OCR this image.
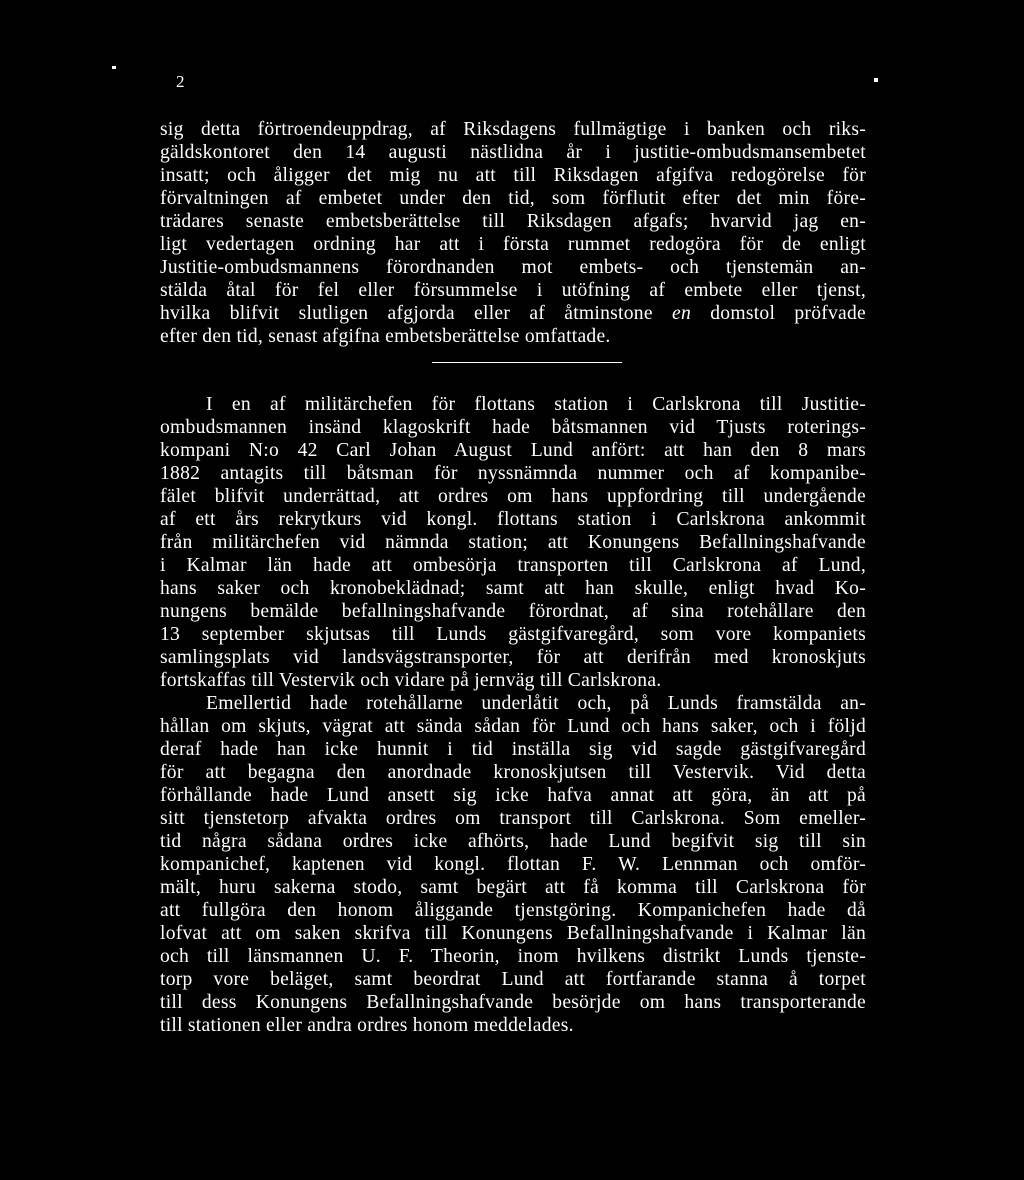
2
sig detta förtroendeuppdrag, af Riksdagens fullmägtige i banken och riks-
gäldskontoret den 14 augusti nästlidna år i justitie-ombudsmansembetet
insatt; och åligger det mig nu att till Riksdagen afgifva redogörelse för
förvaltningen af embetet under den tid, som förflutit efter det min före-
trädares senaste embetsberättelse till Riksdagen afgafs; hvarvid jag en-
ligt vedertagen ordning har att i första rummet redogöra för de enligt
Justitie-ombudsmannens förordnanden mot embets- och tjenstemän an-
stälda åtal för fel eller försummelse i utöfning af embete eller tjenst,
hvilka blifvit slutligen afgjorda eller af åtminstone en domstol pröfvade
efter den tid, senast afgifna embetsberättelse omfattade.
I en af militärchefen för flottans station i Carlskrona till Justitie-
ombudsmannen insänd klagoskrift hade båtsmannen vid Tjusts roterings-
kompani N:o 42 Carl Johan August Lund anfört: att han den 8 mars
1882 antagits till båtsman för nyssnämnda nummer och af kompanibe-
fälet blifvit underrättad, att ordres om hans uppfordring till undergående
af ett års rekrytkurs vid kongl. flottans station i Carlskrona ankommit
från militärchefen vid nämnda station; att Konungens Befallningshafvande
i Kalmar län hade att ombesörja transporten till Carlskrona af Lund,
hans saker och kronobeklädnad; samt att han skulle, enligt hvad Ko-
nungens bemälde befallningshafvande förordnat, af sina rotehållare den
13 september skjutsas till Lunds gästgifvaregård, som vore kompaniets
samlingsplats vid landsvägstransporter, för att derifrån med kronoskjuts
fortskaffas till Vestervik och vidare på jernväg till Carlskrona.
Emellertid hade rotehållarne underlåtit och, på Lunds framstälda an-
hållan om skjuts, vägrat att sända sådan för Lund och hans saker, och i följd
deraf hade han icke hunnit i tid inställa sig vid sagde gästgifvaregård
för att begagna den anordnade kronoskjutsen till Vestervik. Vid detta
förhållande hade Lund ansett sig icke hafva annat att göra, än att på
sitt tjenstetorp afvakta ordres om transport till Carlskrona. Som emeller-
tid några sådana ordres icke afhörts, hade Lund begifvit sig till sin
kompanichef, kaptenen vid kongl. flottan F. W. Lennman och omför-
mält, huru sakerna stodo, samt begärt att få komma till Carlskrona för
att fullgöra den honom åliggande tjenstgöring. Kompanichefen hade då
lofvat att om saken skrifva till Konungens Befallningshafvande i Kalmar län
och till länsmannen U. F. Theorin, inom hvilkens distrikt Lunds tjenste-
torp vore beläget, samt beordrat Lund att fortfarande stanna å torpet
till dess Konungens Befallningshafvande besörjde om hans transporterande
till stationen eller andra ordres honom meddelades.
